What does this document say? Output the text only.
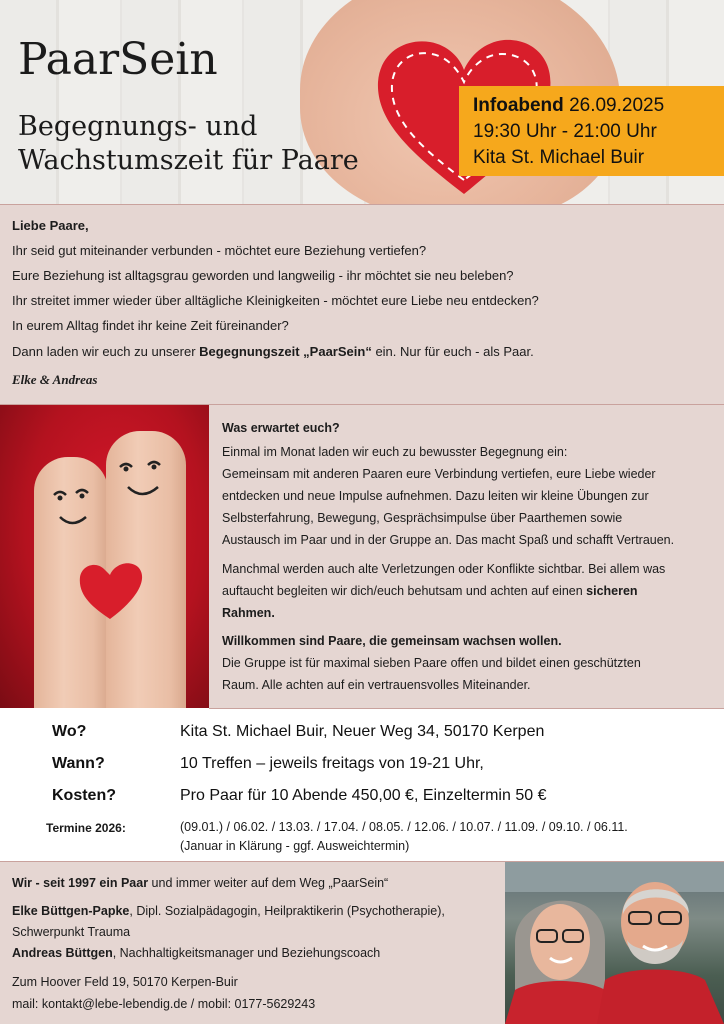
PaarSein
Begegnungs- und
Wachstumszeit für Paare
Infoabend 26.09.2025
19:30 Uhr - 21:00 Uhr
Kita St. Michael Buir

Liebe Paare,

Ihr seid gut miteinander verbunden - möchtet eure Beziehung vertiefen?

Eure Beziehung ist alltagsgrau geworden und langweilig - ihr möchtet sie neu beleben?

Ihr streitet immer wieder über alltägliche Kleinigkeiten - möchtet eure Liebe neu entdecken?

In eurem Alltag findet ihr keine Zeit füreinander?

Dann laden wir euch zu unserer Begegnungszeit „PaarSein“ ein. Nur für euch - als Paar.

Elke & Andreas

Was erwartet euch?

Einmal im Monat laden wir euch zu bewusster Begegnung ein:

Gemeinsam mit anderen Paaren eure Verbindung vertiefen, eure Liebe wieder

entdecken und neue Impulse aufnehmen. Dazu leiten wir kleine Übungen zur

Selbsterfahrung, Bewegung, Gesprächsimpulse über Paarthemen sowie

Austausch im Paar und in der Gruppe an. Das macht Spaß und schafft Vertrauen.

Manchmal werden auch alte Verletzungen oder Konflikte sichtbar. Bei allem was

auftaucht begleiten wir dich/euch behutsam und achten auf einen sicheren

Rahmen.

Willkommen sind Paare, die gemeinsam wachsen wollen.

Die Gruppe ist für maximal sieben Paare offen und bildet einen geschützten

Raum. Alle achten auf ein vertrauensvolles Miteinander.

Wo?	Kita St. Michael Buir, Neuer Weg 34, 50170 Kerpen
Wann?	10 Treffen – jeweils freitags von 19-21 Uhr,
Kosten?	Pro Paar für 10 Abende 450,00 €, Einzeltermin 50 €
Termine 2026:	(09.01.) / 06.02. / 13.03. / 17.04. / 08.05. / 12.06. / 10.07. / 11.09. / 09.10. / 06.11.
(Januar in Klärung - ggf. Ausweichtermin)

Wir - seit 1997 ein Paar und immer weiter auf dem Weg „PaarSein“

Elke Büttgen-Papke, Dipl. Sozialpädagogin, Heilpraktikerin (Psychotherapie),

Schwerpunkt Trauma

Andreas Büttgen, Nachhaltigkeitsmanager und Beziehungscoach

Zum Hoover Feld 19, 50170 Kerpen-Buir

mail: kontakt@lebe-lebendig.de / mobil: 0177-5629243
